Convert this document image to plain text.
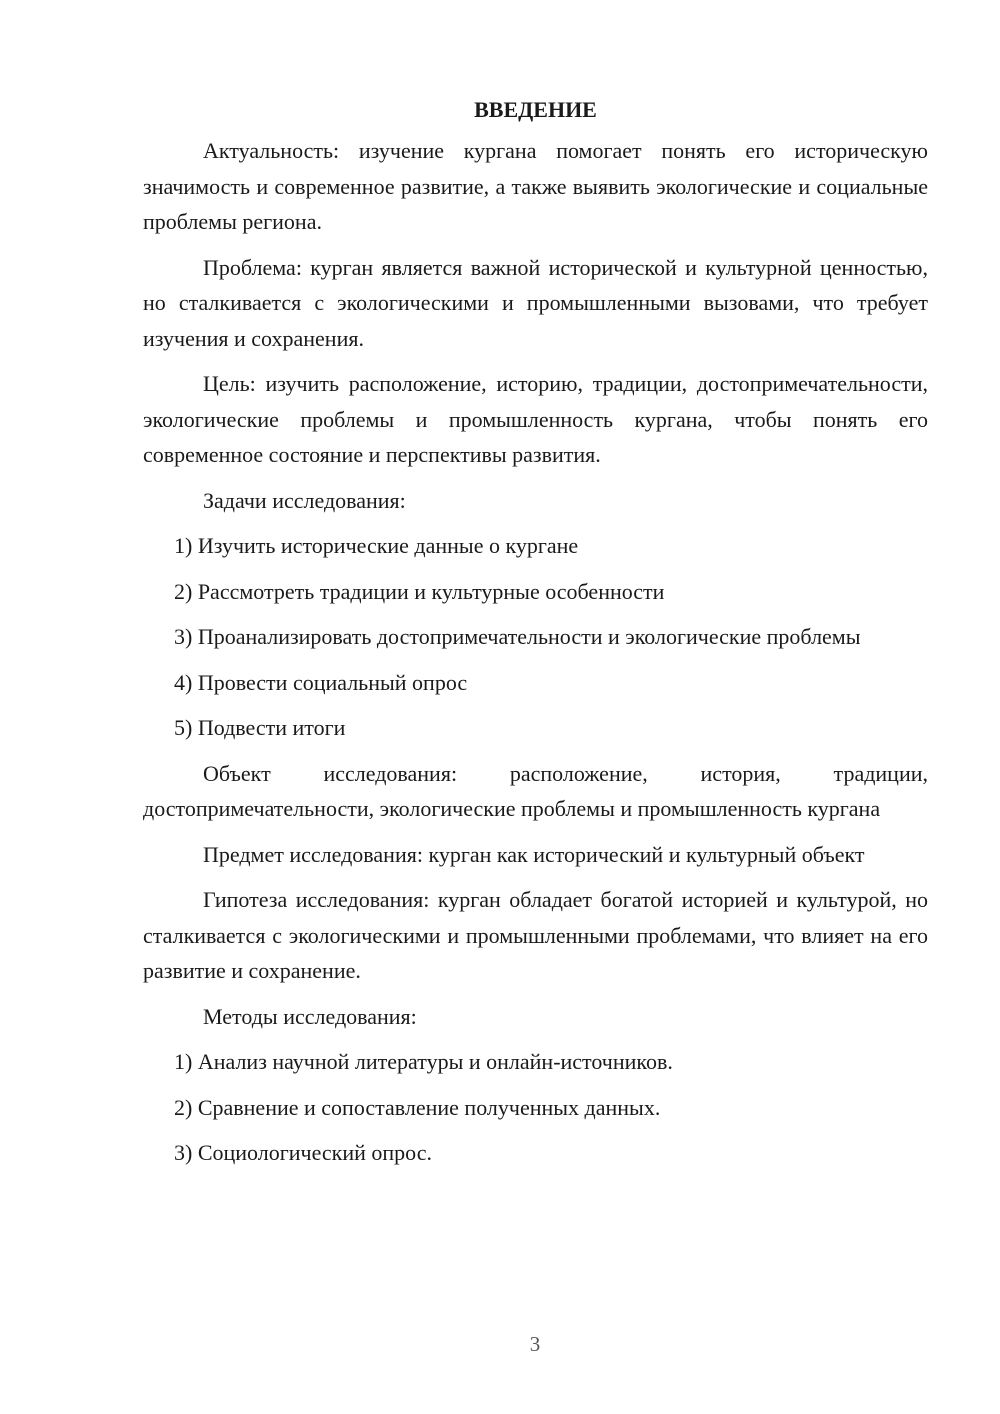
ВВЕДЕНИЕ

Актуальность: изучение кургана помогает понять его историческую значимость и современное развитие, а также выявить экологические и социальные проблемы региона.

Проблема: курган является важной исторической и культурной ценностью, но сталкивается с экологическими и промышленными вызовами, что требует изучения и сохранения.

Цель: изучить расположение, историю, традиции, достопримечательности, экологические проблемы и промышленность кургана, чтобы понять его современное состояние и перспективы развития.

Задачи исследования:

1) Изучить исторические данные о кургане

2) Рассмотреть традиции и культурные особенности

3) Проанализировать достопримечательности и экологические проблемы

4) Провести социальный опрос

5) Подвести итоги

Объект исследования: расположение, история, традиции, достопримечательности, экологические проблемы и промышленность кургана

Предмет исследования: курган как исторический и культурный объект

Гипотеза исследования: курган обладает богатой историей и культурой, но сталкивается с экологическими и промышленными проблемами, что влияет на его развитие и сохранение.

Методы исследования:

1) Анализ научной литературы и онлайн-источников.

2) Сравнение и сопоставление полученных данных.

3) Социологический опрос.

3
